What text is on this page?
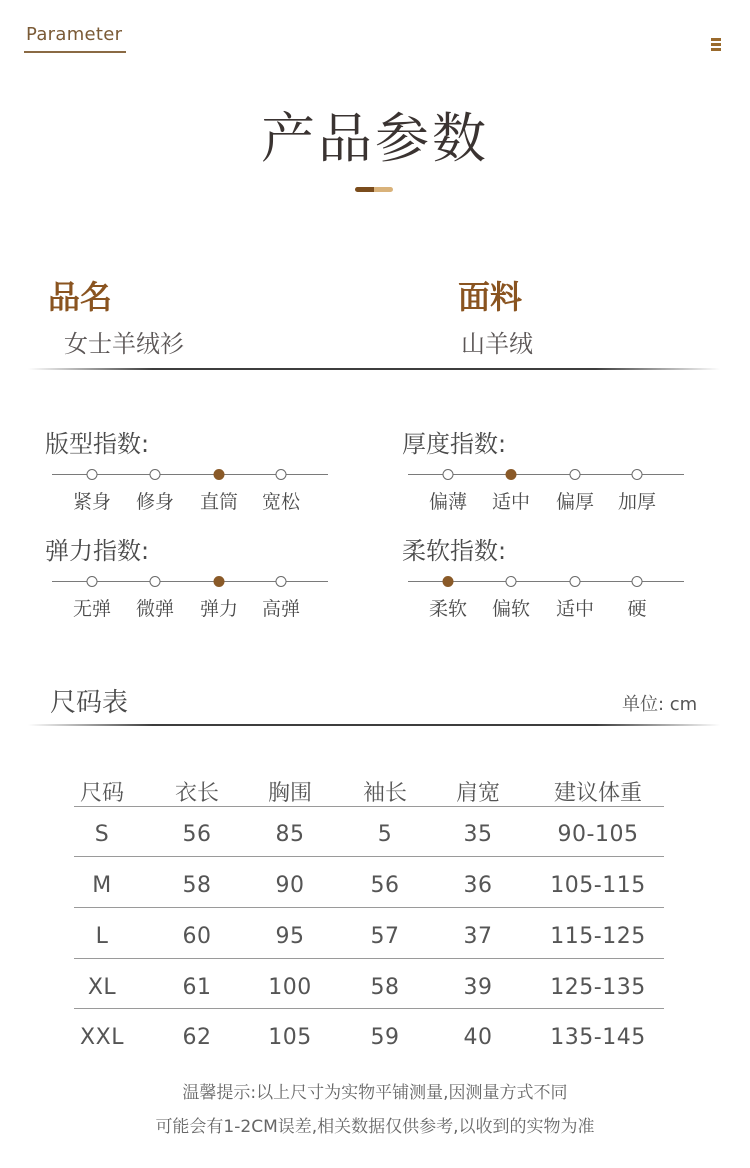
Parameter
产品参数
品名
女士羊绒衫
面料
山羊绒
版型指数:
紧身 修身 直筒 宽松
厚度指数:
偏薄 适中 偏厚 加厚
弹力指数:
无弹 微弹 弹力 高弹
柔软指数:
柔软 偏软 适中 硬
尺码表	单位: cm
尺码 衣长 胸围 袖长 肩宽 建议体重
S	56	85	5	35	90-105
M	58	90	56	36	105-115
L	60	95	57	37	115-125
XL	61	100	58	39	125-135
XXL	62	105	59	40	135-145
温馨提示:以上尺寸为实物平铺测量,因测量方式不同
可能会有1-2CM误差,相关数据仅供参考,以收到的实物为准
